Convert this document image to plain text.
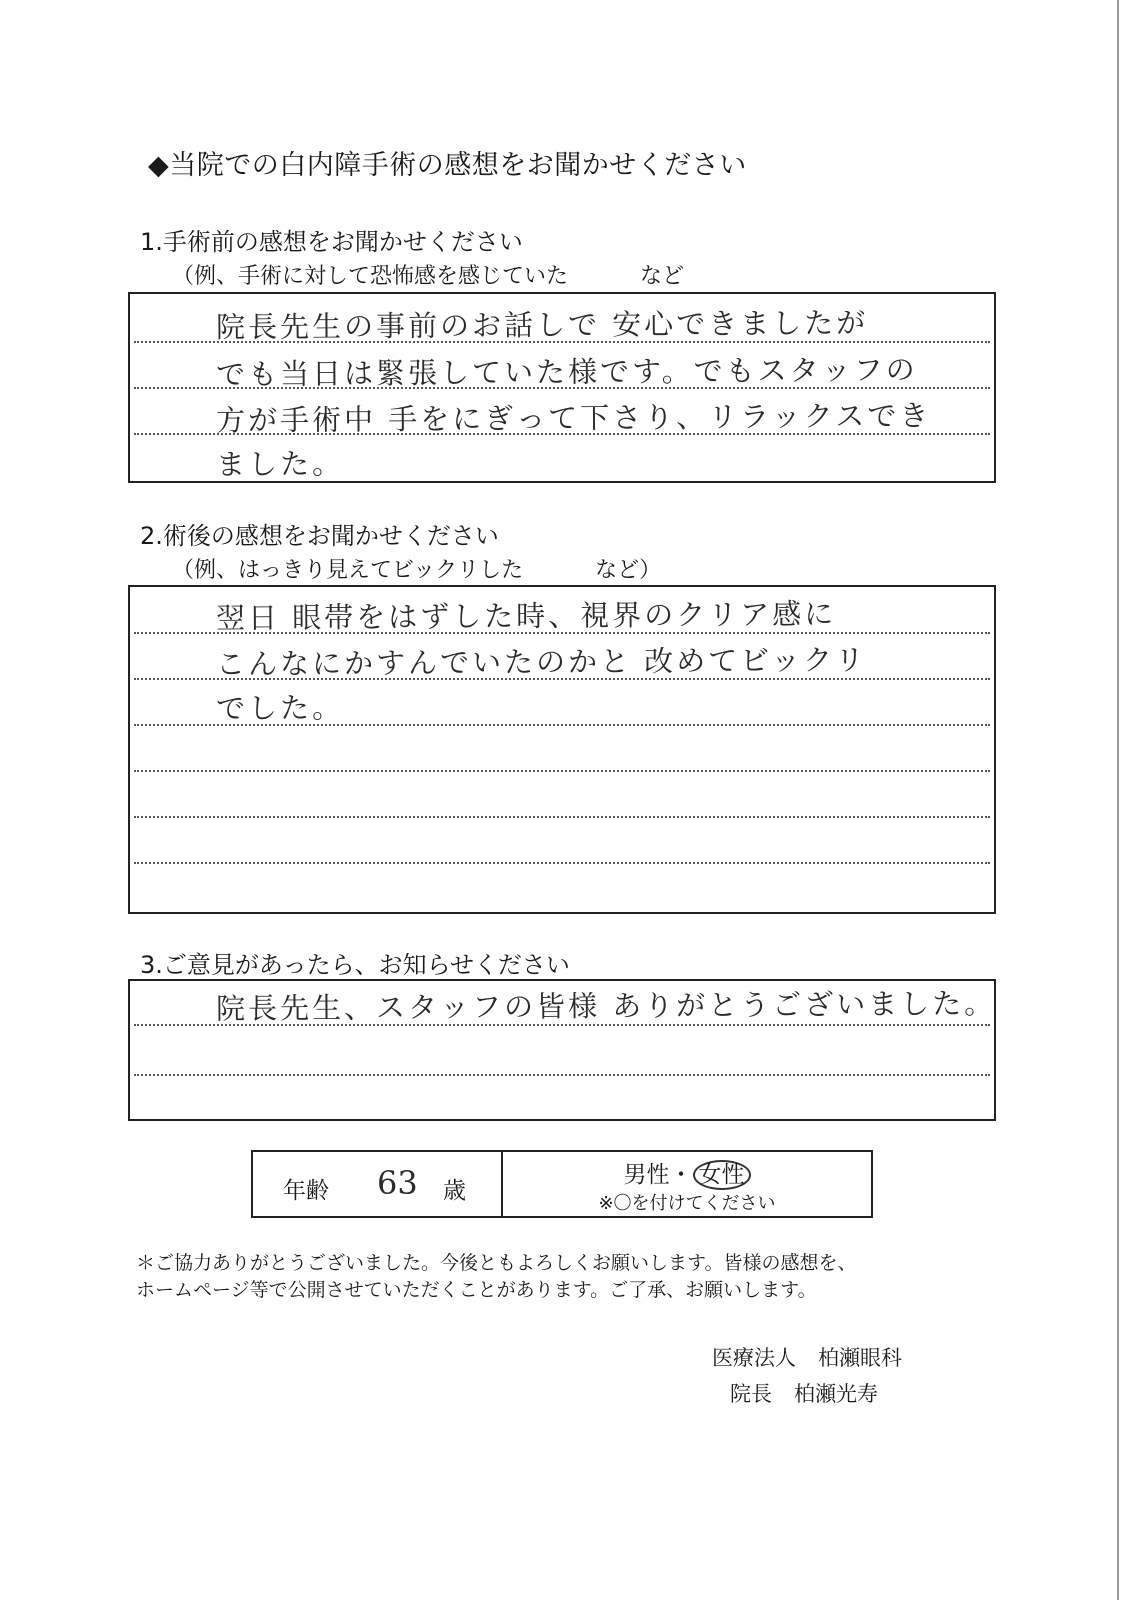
◆当院での白内障手術の感想をお聞かせください
1.手術前の感想をお聞かせください
（例、手術に対して恐怖感を感じていた	など
院長先生の事前のお話しで 安心できましたが
でも当日は緊張していた様です。でもスタッフの
方が手術中 手をにぎって下さり、リラックスでき
ました。
2.術後の感想をお聞かせください
（例、はっきり見えてビックリした	など）
翌日 眼帯をはずした時、視界のクリア感に
こんなにかすんでいたのかと 改めてビックリ
でした。
3.ご意見があったら、お知らせください
院長先生、スタッフの皆様 ありがとうございました。
年齢 63 歳
男性・ 女性
※〇を付けてください
＊ご協力ありがとうございました。今後ともよろしくお願いします。皆様の感想を、
ホームページ等で公開させていただくことがあります。ご了承、お願いします。
医療法人 柏瀬眼科
院長 柏瀬光寿
